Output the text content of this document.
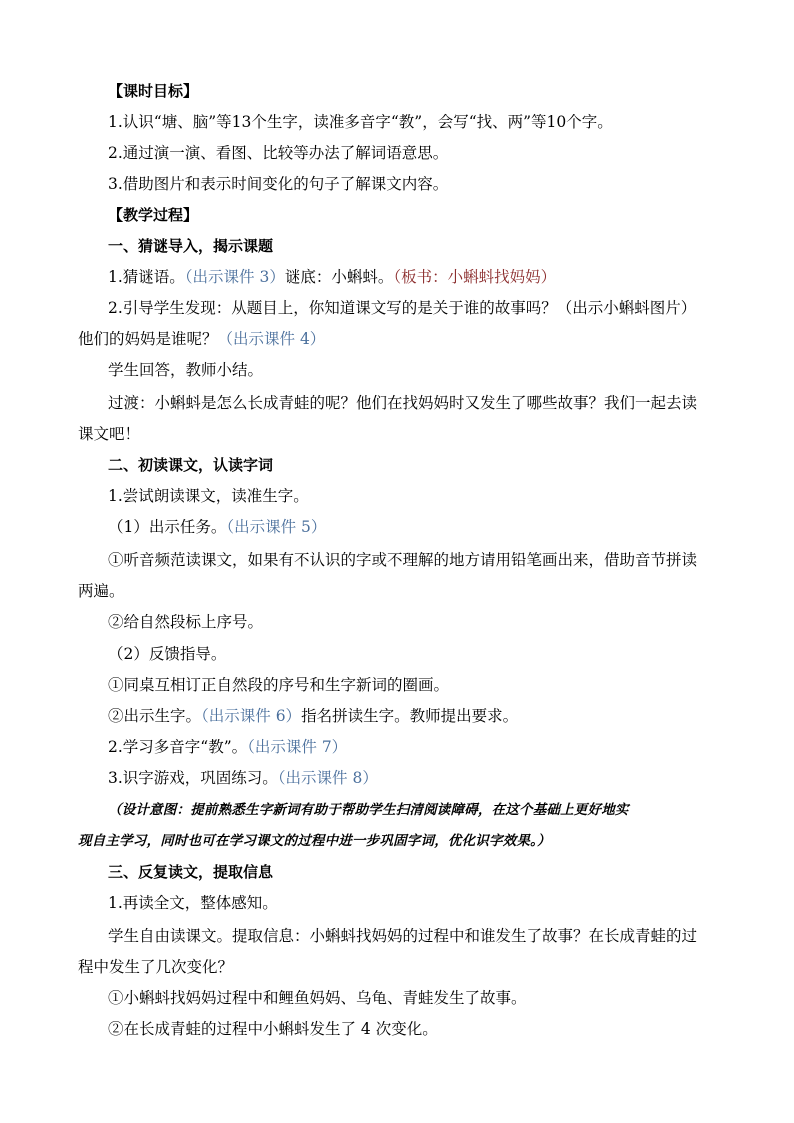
【课时目标】
1.认识“塘、脑”等13个生字，读准多音字“教”，会写“找、两”等10个字。
2.通过演一演、看图、比较等办法了解词语意思。
3.借助图片和表示时间变化的句子了解课文内容。
【教学过程】
一、猜谜导入，揭示课题
1.猜谜语。（出示课件 3）谜底：小蝌蚪。（板书：小蝌蚪找妈妈）
2.引导学生发现：从题目上，你知道课文写的是关于谁的故事吗？（出示小蝌蚪图片）
他们的妈妈是谁呢？（出示课件 4）
学生回答，教师小结。
过渡：小蝌蚪是怎么长成青蛙的呢？他们在找妈妈时又发生了哪些故事？我们一起去读
课文吧！
二、初读课文，认读字词
1.尝试朗读课文，读准生字。
（1）出示任务。（出示课件 5）
①听音频范读课文，如果有不认识的字或不理解的地方请用铅笔画出来，借助音节拼读
两遍。
②给自然段标上序号。
（2）反馈指导。
①同桌互相订正自然段的序号和生字新词的圈画。
②出示生字。（出示课件 6）指名拼读生字。教师提出要求。
2.学习多音字“教”。（出示课件 7）
3.识字游戏，巩固练习。（出示课件 8）
（设计意图：提前熟悉生字新词有助于帮助学生扫清阅读障碍，在这个基础上更好地实
现自主学习，同时也可在学习课文的过程中进一步巩固字词，优化识字效果。）
三、反复读文，提取信息
1.再读全文，整体感知。
学生自由读课文。提取信息：小蝌蚪找妈妈的过程中和谁发生了故事？在长成青蛙的过
程中发生了几次变化？
①小蝌蚪找妈妈过程中和鲤鱼妈妈、乌龟、青蛙发生了故事。
②在长成青蛙的过程中小蝌蚪发生了 4 次变化。
